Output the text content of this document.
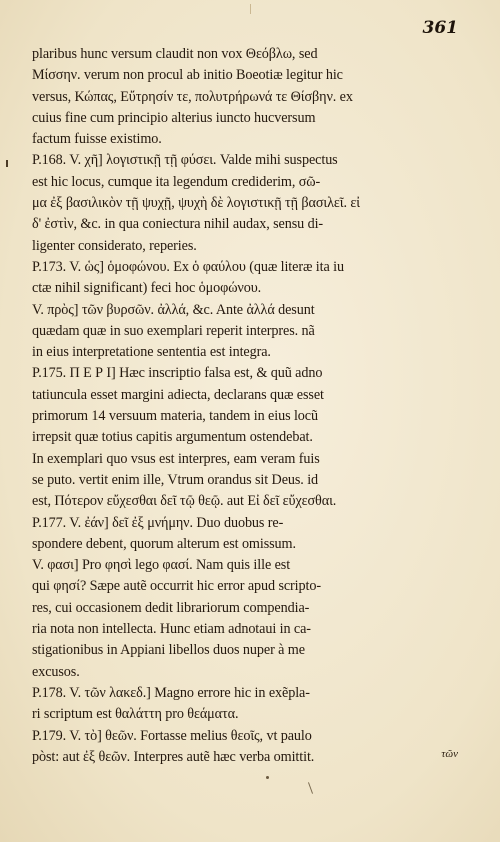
361
plaribus hunc versum claudit non vox Θεόβλω, sed
Μίσσην. verum non procul ab initio Boeotiæ legitur hic
versus, Κώπας, Εὔτρησίν τε, πολυτρήρωνά τε Θίσβην. ex
cuius fine cum principio alterius iuncto hucversum
factum fuisse existimo.
P.168. V. χῆ] λογιστικῇ τῇ φύσει. Valde mihi suspectus
est hic locus, cumque ita legendum crediderim, σῶ-
μα ἐξ βασιλικὸν τῇ ψυχῇ, ψυχὴ δὲ λογιστικῇ τῇ βασιλεῖ. εἰ
δ' ἐστὶν, &c. in qua coniectura nihil audax, sensu di-
ligenter considerato, reperies.
P.173. V. ὡς] ὁμοφώνου. Ex ὁ φαύλου (quæ literæ ita iu
ctæ nihil significant) feci hoc ὁμοφώνου.
V. πρὸς] τῶν βυρσῶν. ἀλλά, &c. Ante ἀλλά desunt
quædam quæ in suo exemplari reperit interpres. nã
in eius interpretatione sententia est integra.
P.175. Π Ε Ρ Ι] Hæc inscriptio falsa est, & quũ adno
tatiuncula esset margini adiecta, declarans quæ esset
primorum 14 versuum materia, tandem in eius locũ
irrepsit quæ totius capitis argumentum ostendebat.
In exemplari quo vsus est interpres, eam veram fuis
se puto. vertit enim ille, Vtrum orandus sit Deus. id
est, Πότερον εὔχεσθαι δεῖ τῷ θεῷ. aut Εἰ δεῖ εὔχεσθαι.
P.177. V. ἐάν] δεῖ ἐξ μνήμην. Duo duobus re-
spondere debent, quorum alterum est omissum.
V. φασι] Pro φησὶ lego φασί. Nam quis ille est
qui φησί? Sæpe autẽ occurrit hic error apud scripto-
res, cui occasionem dedit librariorum compendia-
ria nota non intellecta. Hunc etiam adnotaui in ca-
stigationibus in Appiani libellos duos nuper à me
excusos.
P.178. V. τῶν λακεδ.] Magno errore hic in exẽpla-
ri scriptum est θαλάττη pro θεάματα.
P.179. V. τὸ] θεῶν. Fortasse melius θεοῖς, vt paulo
pòst: aut ἐξ θεῶν. Interpres autẽ hæc verba omittit.	τῶν
